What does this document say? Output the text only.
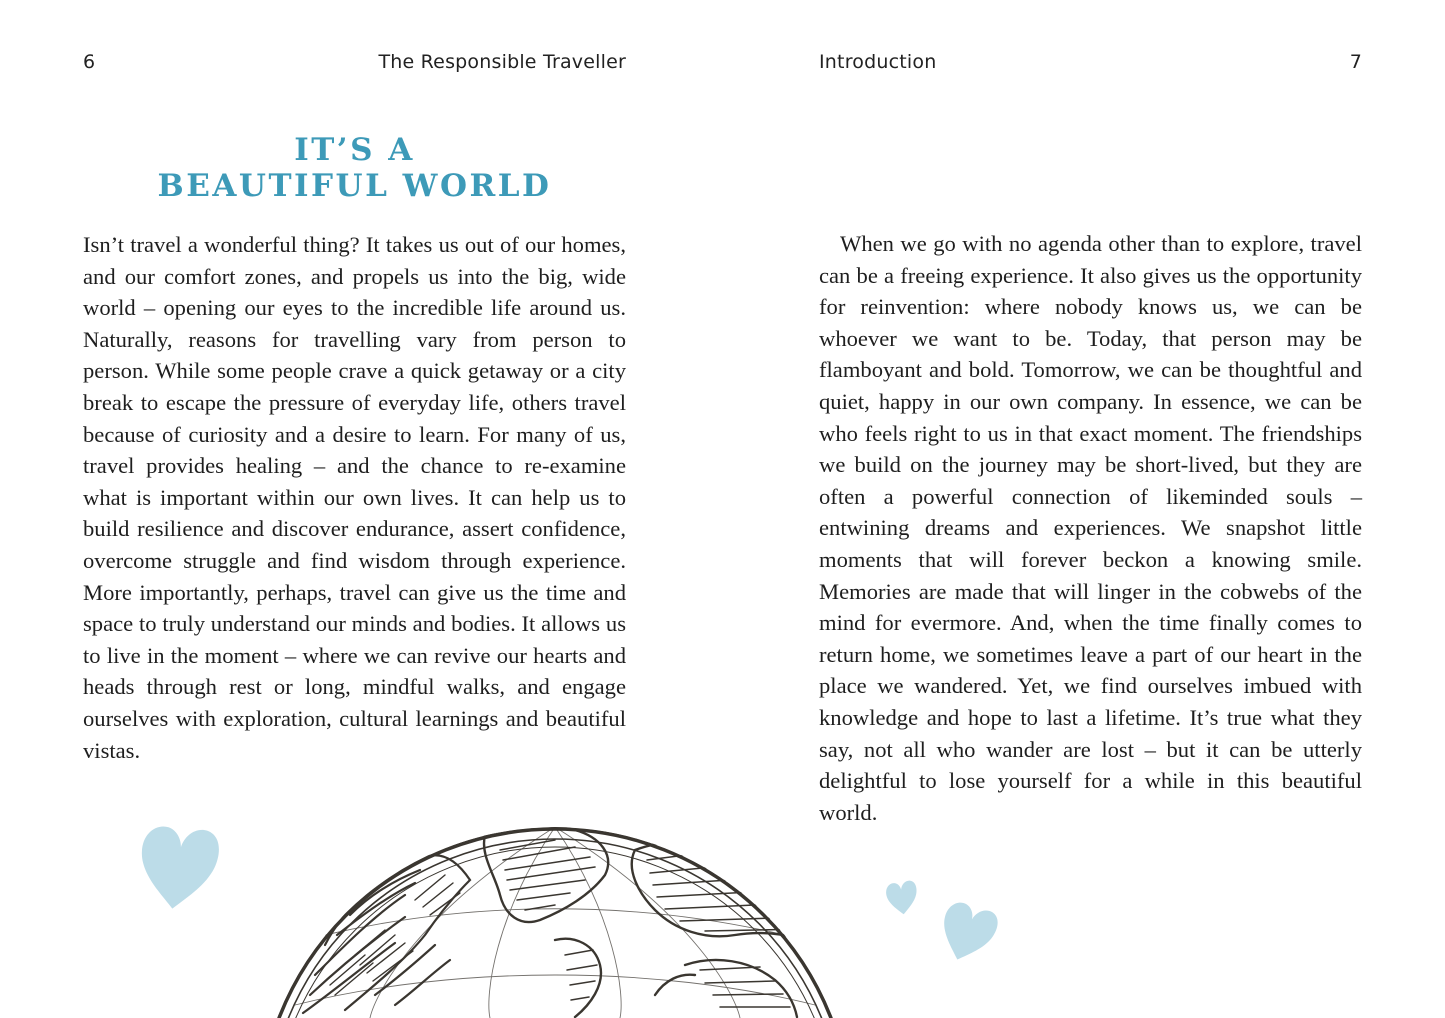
6	The Responsible Traveller
IT’S A
BEAUTIFUL WORLD

Isn’t travel a wonderful thing? It takes us out of our homes, and our comfort zones, and propels us into the big, wide world – opening our eyes to the incredible life around us. Naturally, reasons for travelling vary from person to person. While some people crave a quick getaway or a city break to escape the pressure of everyday life, others travel because of curiosity and a desire to learn. For many of us, travel provides healing – and the chance to re-examine what is important within our own lives. It can help us to build resilience and discover endurance, assert confidence, overcome struggle and find wisdom through experience. More importantly, perhaps, travel can give us the time and space to truly understand our minds and bodies. It allows us to live in the moment – where we can revive our hearts and heads through rest or long, mindful walks, and engage ourselves with exploration, cultural learnings and beautiful vistas.

Introduction	7

When we go with no agenda other than to explore, travel can be a freeing experience. It also gives us the opportunity for reinvention: where nobody knows us, we can be whoever we want to be. Today, that person may be flamboyant and bold. Tomorrow, we can be thoughtful and quiet, happy in our own company. In essence, we can be who feels right to us in that exact moment. The friendships we build on the journey may be short-lived, but they are often a powerful connection of likeminded souls – entwining dreams and experiences. We snapshot little moments that will forever beckon a knowing smile. Memories are made that will linger in the cobwebs of the mind for evermore. And, when the time finally comes to return home, we sometimes leave a part of our heart in the place we wandered. Yet, we find ourselves imbued with knowledge and hope to last a lifetime. It’s true what they say, not all who wander are lost – but it can be utterly delightful to lose yourself for a while in this beautiful world.
